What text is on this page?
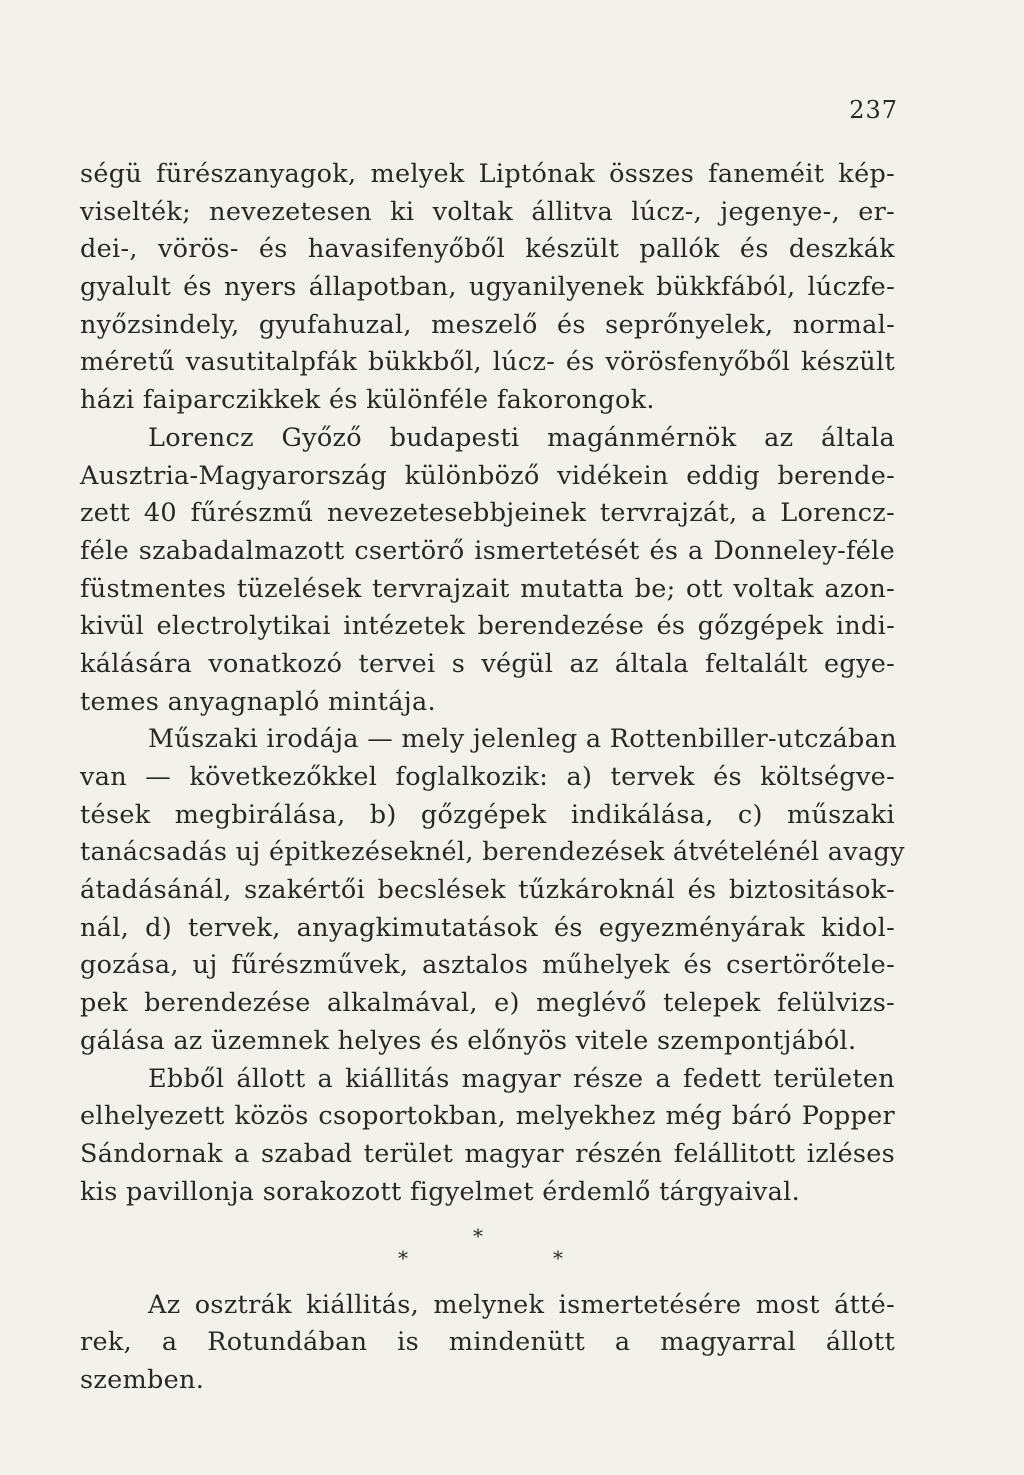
237
ségü fürészanyagok, melyek Liptónak összes faneméit kép-
viselték; nevezetesen ki voltak állitva lúcz-, jegenye-, er-
dei-, vörös- és havasifenyőből készült pallók és deszkák
gyalult és nyers állapotban, ugyanilyenek bükkfából, lúczfe-
nyőzsindely, gyufahuzal, meszelő és seprőnyelek, normal-
méretű vasutitalpfák bükkből, lúcz- és vörösfenyőből készült
házi faiparczikkek és különféle fakorongok.
Lorencz Győző budapesti magánmérnök az általa
Ausztria-Magyarország különböző vidékein eddig berende-
zett 40 fűrészmű nevezetesebbjeinek tervrajzát, a Lorencz-
féle szabadalmazott csertörő ismertetését és a Donneley-féle
füstmentes tüzelések tervrajzait mutatta be; ott voltak azon-
kivül electrolytikai intézetek berendezése és gőzgépek indi-
kálására vonatkozó tervei s végül az általa feltalált egye-
temes anyagnapló mintája.
Műszaki irodája — mely jelenleg a Rottenbiller-utczában
van — következőkkel foglalkozik: a) tervek és költségve-
tések megbirálása, b) gőzgépek indikálása, c) műszaki
tanácsadás uj épitkezéseknél, berendezések átvételénél avagy
átadásánál, szakértői becslések tűzkároknál és biztositások-
nál, d) tervek, anyagkimutatások és egyezményárak kidol-
gozása, uj fűrészművek, asztalos műhelyek és csertörőtele-
pek berendezése alkalmával, e) meglévő telepek felülvizs-
gálása az üzemnek helyes és előnyös vitele szempontjából.
Ebből állott a kiállitás magyar része a fedett területen
elhelyezett közös csoportokban, melyekhez még báró Popper
Sándornak a szabad terület magyar részén felállitott izléses
kis pavillonja sorakozott figyelmet érdemlő tárgyaival.
Az osztrák kiállitás, melynek ismertetésére most átté-
rek, a Rotundában is mindenütt a magyarral állott
szemben.
*
*	*
